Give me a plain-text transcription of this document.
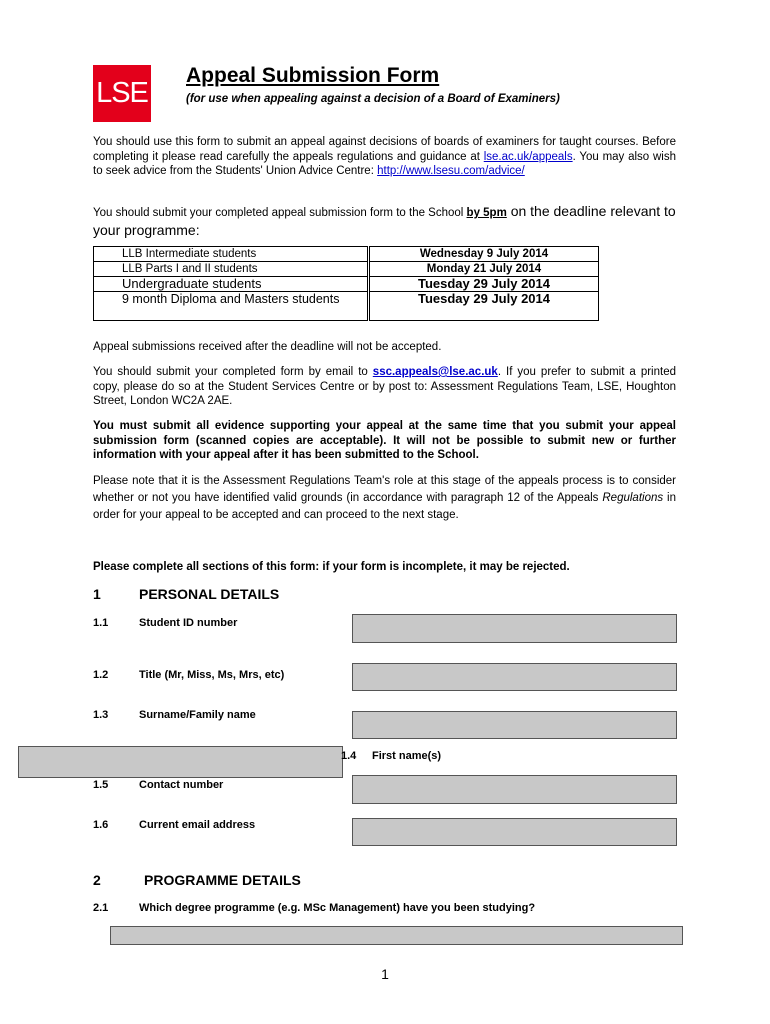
LSE
Appeal Submission Form
(for use when appealing against a decision of a Board of Examiners)
You should use this form to submit an appeal against decisions of boards of examiners for taught courses. Before completing it please read carefully the appeals regulations and guidance at lse.ac.uk/appeals. You may also wish to seek advice from the Students' Union Advice Centre: http://www.lsesu.com/advice/
You should submit your completed appeal submission form to the School by 5pm on the deadline relevant to your programme:
LLB Intermediate students	Wednesday 9 July 2014
LLB Parts I and II students	Monday 21 July 2014
Undergraduate students	Tuesday 29 July 2014
9 month Diploma and Masters students	Tuesday 29 July 2014
Appeal submissions received after the deadline will not be accepted.
You should submit your completed form by email to ssc.appeals@lse.ac.uk. If you prefer to submit a printed copy, please do so at the Student Services Centre or by post to: Assessment Regulations Team, LSE, Houghton Street, London WC2A 2AE.
You must submit all evidence supporting your appeal at the same time that you submit your appeal submission form (scanned copies are acceptable). It will not be possible to submit new or further information with your appeal after it has been submitted to the School.
Please note that it is the Assessment Regulations Team's role at this stage of the appeals process is to consider whether or not you have identified valid grounds (in accordance with paragraph 12 of the Appeals Regulations in order for your appeal to be accepted and can proceed to the next stage.
Please complete all sections of this form: if your form is incomplete, it may be rejected.
1	PERSONAL DETAILS
1.1	Student ID number
1.2	Title (Mr, Miss, Ms, Mrs, etc)
1.3	Surname/Family name
1.4 First name(s)
1.5	Contact number
1.6	Current email address
2	PROGRAMME DETAILS
2.1	Which degree programme (e.g. MSc Management) have you been studying?
1
